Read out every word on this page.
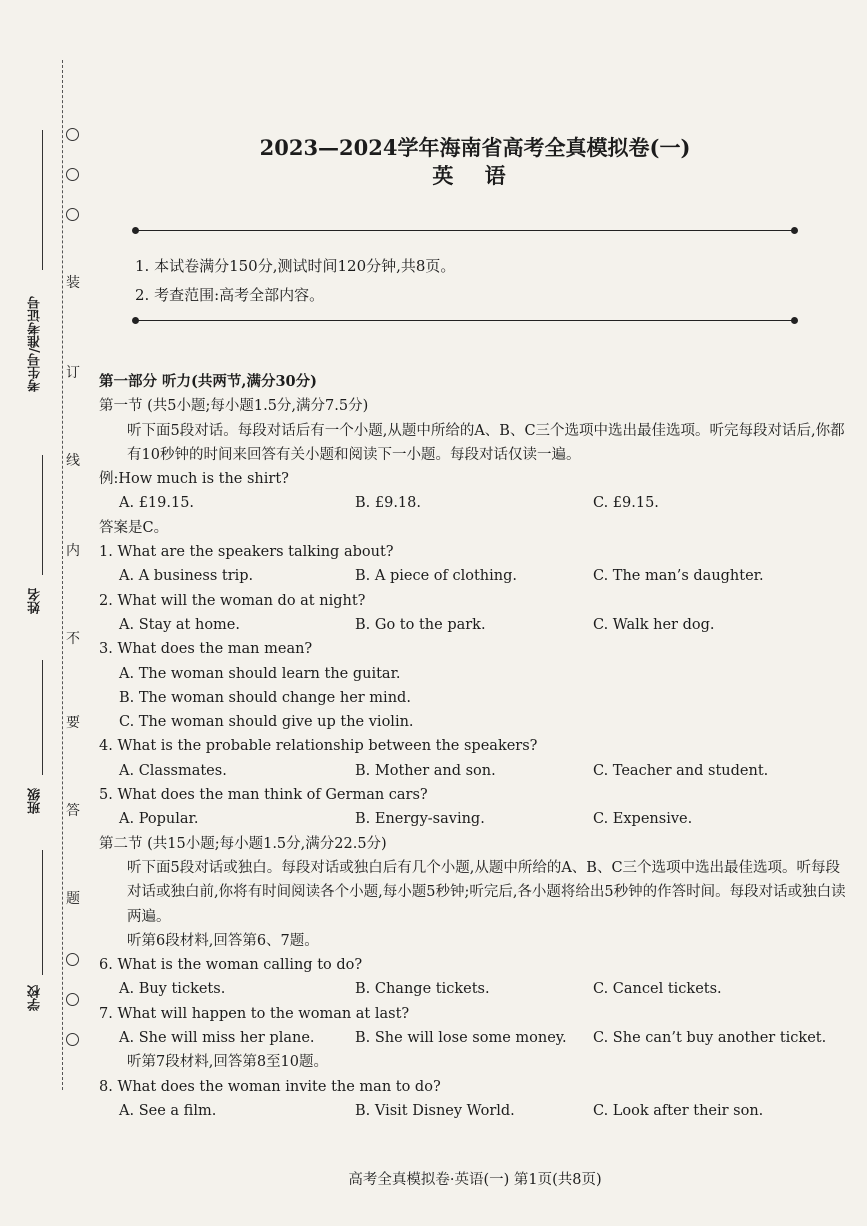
装
订
线
内
不
要
答
题
考生号/准考证号
姓名
班级
学校
2023—2024学年海南省高考全真模拟卷(一)
英 语
1. 本试卷满分150分,测试时间120分钟,共8页。
2. 考查范围:高考全部内容。
第一部分 听力(共两节,满分30分)
第一节 (共5小题;每小题1.5分,满分7.5分)
听下面5段对话。每段对话后有一个小题,从题中所给的A、B、C三个选项中选出最佳选项。听完每段对话后,你都有10秒钟的时间来回答有关小题和阅读下一小题。每段对话仅读一遍。
例:How much is the shirt?
A. £19.15.	B. £9.18.	C. £9.15.
答案是C。
1. What are the speakers talking about?
A. A business trip.	B. A piece of clothing.	C. The man’s daughter.
2. What will the woman do at night?
A. Stay at home.	B. Go to the park.	C. Walk her dog.
3. What does the man mean?
A. The woman should learn the guitar.
B. The woman should change her mind.
C. The woman should give up the violin.
4. What is the probable relationship between the speakers?
A. Classmates.	B. Mother and son.	C. Teacher and student.
5. What does the man think of German cars?
A. Popular.	B. Energy-saving.	C. Expensive.
第二节 (共15小题;每小题1.5分,满分22.5分)
听下面5段对话或独白。每段对话或独白后有几个小题,从题中所给的A、B、C三个选项中选出最佳选项。听每段对话或独白前,你将有时间阅读各个小题,每小题5秒钟;听完后,各小题将给出5秒钟的作答时间。每段对话或独白读两遍。
听第6段材料,回答第6、7题。
6. What is the woman calling to do?
A. Buy tickets.	B. Change tickets.	C. Cancel tickets.
7. What will happen to the woman at last?
A. She will miss her plane.	B. She will lose some money.	C. She can’t buy another ticket.
听第7段材料,回答第8至10题。
8. What does the woman invite the man to do?
A. See a film.	B. Visit Disney World.	C. Look after their son.
高考全真模拟卷·英语(一) 第1页(共8页)
